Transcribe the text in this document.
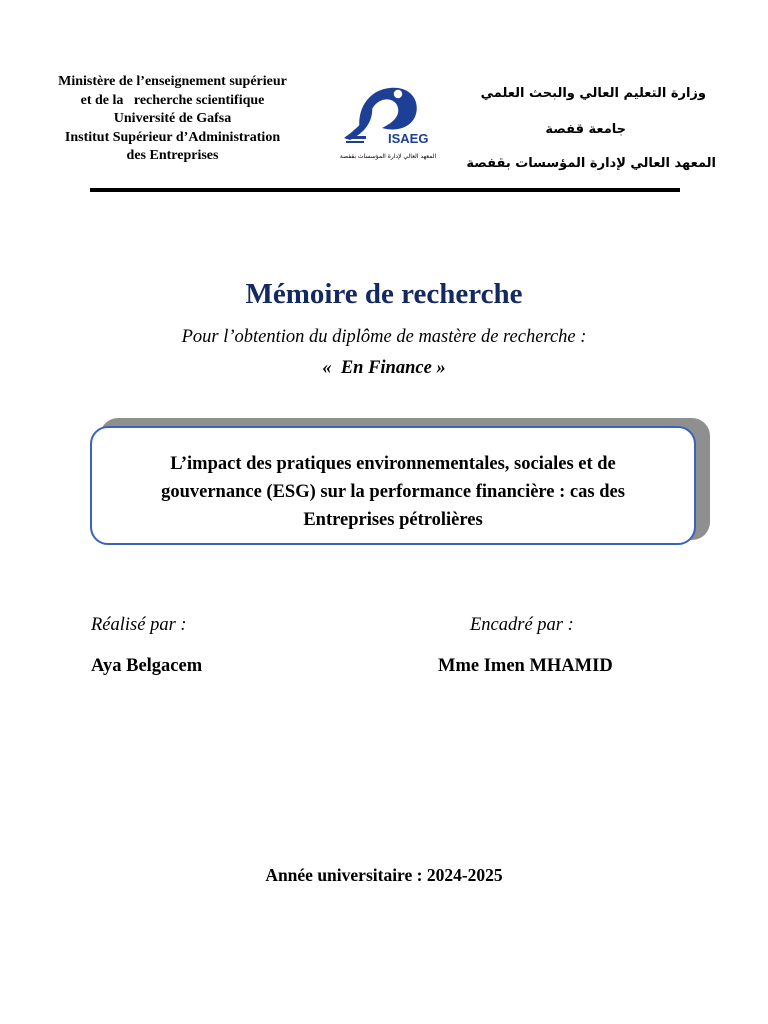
Ministère de l’enseignement supérieur
et de la   recherche scientifique
Université de Gafsa
Institut Supérieur d’Administration
des Entreprises
ISAEG
المعهد العالي لإدارة المؤسسات بقفصة
وزارة التعليم العالي والبحث العلمي
جامعة قفصة
المعهد العالي لإدارة المؤسسات بقفصة
Mémoire de recherche
Pour l’obtention du diplôme de mastère de recherche :
«  En Finance »
L’impact des pratiques environnementales, sociales et de
gouvernance (ESG) sur la performance financière : cas des
Entreprises pétrolières
Réalisé par :	Encadré par :
Aya Belgacem	Mme Imen MHAMID
Année universitaire : 2024-2025
